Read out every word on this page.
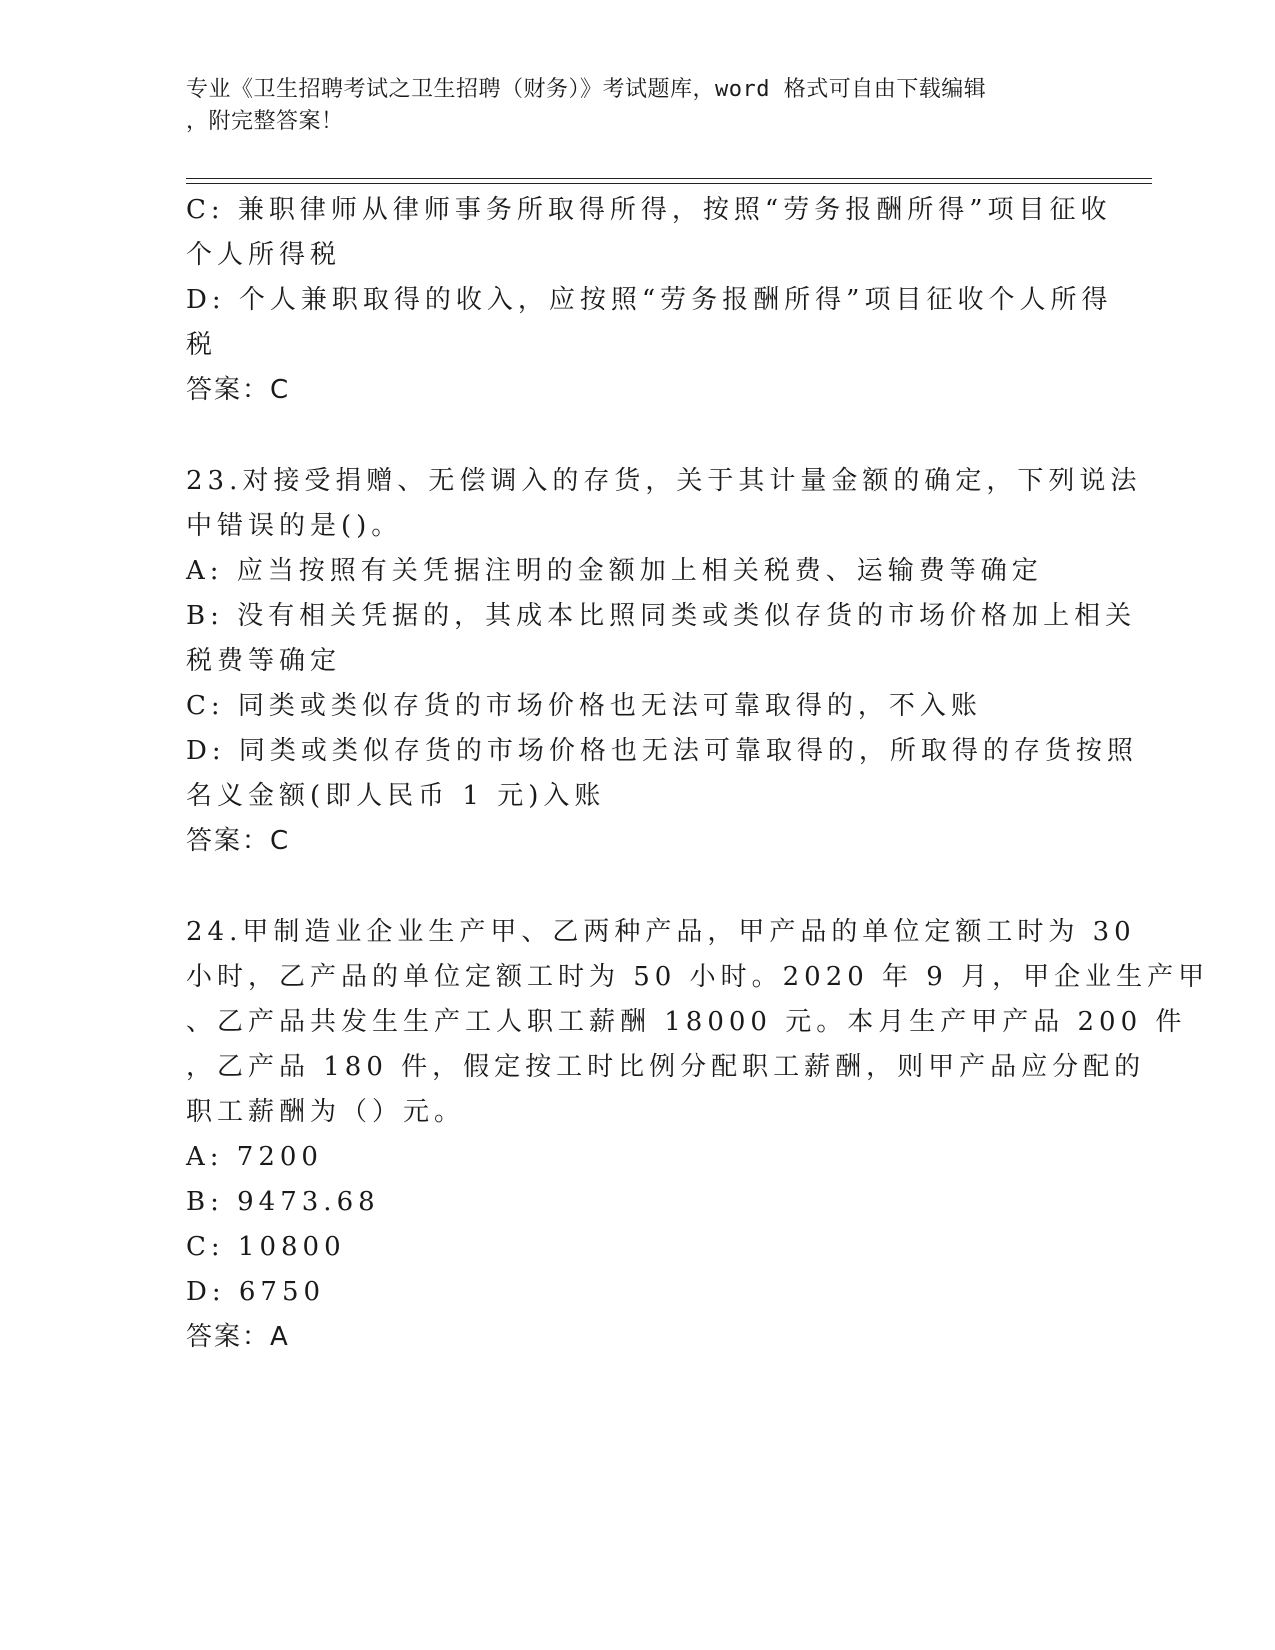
专业《卫生招聘考试之卫生招聘（财务）》考试题库，word 格式可自由下载编辑
，附完整答案！
C: 兼职律师从律师事务所取得所得，按照“劳务报酬所得”项目征收
个人所得税
D: 个人兼职取得的收入，应按照“劳务报酬所得”项目征收个人所得
税
答案：C
23.对接受捐赠、无偿调入的存货，关于其计量金额的确定，下列说法
中错误的是()。
A: 应当按照有关凭据注明的金额加上相关税费、运输费等确定
B: 没有相关凭据的，其成本比照同类或类似存货的市场价格加上相关
税费等确定
C: 同类或类似存货的市场价格也无法可靠取得的，不入账
D: 同类或类似存货的市场价格也无法可靠取得的，所取得的存货按照
名义金额(即人民币 1 元)入账
答案：C
24.甲制造业企业生产甲、乙两种产品，甲产品的单位定额工时为 30
小时，乙产品的单位定额工时为 50 小时。2020 年 9 月，甲企业生产甲
、乙产品共发生生产工人职工薪酬 18000 元。本月生产甲产品 200 件
，乙产品 180 件，假定按工时比例分配职工薪酬，则甲产品应分配的
职工薪酬为（）元。
A: 7200
B: 9473.68
C: 10800
D: 6750
答案：A
